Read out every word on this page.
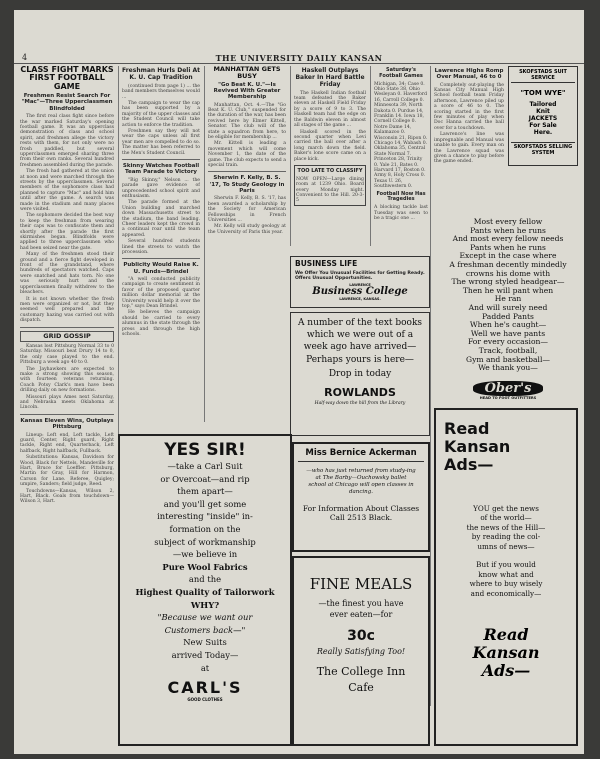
4	THE UNIVERSITY DAILY KANSAN
CLASS FIGHT MARKS FIRST FOOTBALL GAME
Freshmen Resist Search For "Mac"—Three Upperclassmen Blindfolded

The first real class fight since before the war marked Saturday's opening football game. It was an upperclass demonstration of class and school spirit, and freshmen allege the victory rests with them, for not only were no frosh paddled, but several upperclassmen emerged sharing three from their own ranks. Several hundred freshmen assembled during the parade.

The frosh had gathered at the union at noon and were marched through the streets by the upperclassmen. Several members of the sophomore class had planned to capture "Mac" and hold him until after the game. A search was made in the stadium and many places were visited.

The sophomore decided the best way to keep the freshman from wearing their caps was to confiscate them and shortly after the parade the first skirmishes began. Blindfolds were applied to three upperclassmen who had been seized near the gate.

Many of the freshmen stood their ground and a fierce fight developed in front of the grandstand, where hundreds of spectators watched. Caps were snatched and hats torn. No one was seriously hurt and the upperclassmen finally withdrew to the bleachers.

It is not known whether the fresh men were organized or not, but they seemed well prepared and the customary hazing was carried out with dispatch.

GRID GOSSIP

Kansas lost Pittsburg Normal 33 to 0 Saturday. Missouri beat Drury 14 to 0, the only case played to the end. Pittsburg a week ago 40 to 0.

The Jayhawkers are expected to make a strong showing this season, with fourteen veterans returning. Coach Potsy Clark's men have been drilling daily on new formations.

Missouri plays Ames next Saturday, and Nebraska meets Oklahoma at Lincoln.

Kansas Eleven Wins, Outplays Pittsburg

Lineup: Left end, Left tackle, Left guard, Center, Right guard, Right tackle, Right end, Quarterback, Left halfback, Right halfback, Fullback.

Substitutions: Kansas, Davidson for Wood, Black for Nettels, Mandeville for Hart, Bruce for Loeffler. Pittsburg, Martin for Gray, Hill for Harmon, Carson for Lane. Referee, Quigley; umpire, Sanders; field judge, Reed.

Touchdowns—Kansas, Wilson 2, Hart, Black. Goals from touchdown—Wilson 3, Hart.

Freshman Hurls Deli At K. U. Cap Tradition

(continued from page 1) ... the band members themselves would ...

The campaign to wear the cap has been supported by a majority of the upper classes and the Student Council will take action to enforce the tradition.

Freshmen say they will not wear the caps unless all first year men are compelled to do so. The matter has been referred to the Men's Student Council.

Skinny Watches Football Team Parade to Victory

"Big Skinny," Nelson ... the parade gave evidence of unprecedented school spirit and enthusiasm.

The parade formed at the Union building and marched down Massachusetts street to the stadium, the band leading. Cheer leaders kept the crowd in a continual roar until the team appeared.

Several hundred students lined the streets to watch the procession.

Publicity Would Raise K. U. Funds—Brindel

"A well conducted publicity campaign to create sentiment in favor of the proposed quarter million dollar memorial at the University would help it over the top," says Dean Brindel.

He believes the campaign should be carried to every alumnus in the state through the press and through the high schools.

MANHATTAN GETS BUSY
"Go Beat K. U."—Is Revived With Greater Membership

Manhattan, Oct. 4.—The "Go Beat K. U. Club," suspended for the duration of the war, has been revived here by Elmer Kittell, Senator. The club will of the state a squadron from here, to be eligible for membership ...

Mr. Kittell is leading a movement which will come November 1, the date of the game. The club expects to send a special train.

Sherwin F. Kelly, B. S. '17, To Study Geology in Paris

Sherwin F. Kelly, B. S. '17, has been awarded a scholarship by the Society for American Fellowships in French Universities ...

Mr. Kelly will study geology at the University of Paris this year.

Haskell Outplays Baker In Hard Battle Friday

The Haskell Indian football team defeated the Baker eleven at Haskell Field Friday by a score of 9 to 3. The Haskell team had the edge on the Baldwin eleven in almost all stages of the game ...

Haskell scored in the second quarter when Levi carried the ball over after a long march down the field. Baker's lone score came on a place kick.

TOO LATE TO CLASSIFY
NOW OPEN—Large dining room at 1239 Ohio. Board every Monday night. Convenient to the Hill. 20-3-5
Saturday's Football Games
Michigan, 34; Case 0. Ohio State 38, Ohio Wesleyan 0. Haverford 16, Carroll College 0. Minnesota 39, North Dakota 0. Purdue 14, Franklin 14. Iowa 18, Cornell College 0. Notre Dame 14, Kalamazoo 0. Wisconsin 21, Ripon 0. Chicago 14, Wabash 0. Oklahoma 35, Central State Normal 7. Princeton 28, Trinity 0. Yale 21, Bates 0. Harvard 17, Boston 0. Army 8, Holy Cross 0. Texas U. 26, Southwestern 0.
Football Now Has Tragedies
A blocking tackle last Tuesday was seen to be a tragic one ...
Lawrence Highs Romp Over Manual, 46 to 0

Completely out-playing the Kansas City Manual High School football team Friday afternoon, Lawrence piled up a score of 46 to 0. The scoring started in the first few minutes of play when Doc Hanna carried the ball over for a touchdown.

Lawrence's line was impregnable and Manual was unable to gain. Every man on the Lawrence squad was given a chance to play before the game ended.

SKOFSTADS SUIT SERVICE
"TOM WYE"
Tailored
Knit
JACKETS
For Sale
Here.
SKOFSTADS SELLING SYSTEM
BUSINESS LIFE
We Offer You Unusual Facilities for Getting Ready.
Offers Unusual Opportunities.
LAWRENCE
Business College
LAWRENCE, KANSAS.
A number of the text books
which we were out of a
week ago have arrived—
Perhaps yours is here—
Drop in today
ROWLANDS
Half-way down the hill from the Library
Most every fellow
Pants when he runs
And most every fellow needs
Pants when he runs
Except in the case where
A freshman decently mindedly
crowns his dome with
The wrong styled headgear—
Then he will pant when
He ran
And will surely need
Padded Pants
When he's caught—
Well we have pants
For every occasion—
Track, football,
Gym and basketball—
We thank you—
Ober's
HEAD TO FOOT OUTFITTERS
YES SIR!
—take a Carl Suit
or Overcoat—and rip
them apart—
and you'll get some
interesting "inside" in-
formation on the
subject of workmanship
—we believe in
Pure Wool Fabrics
and the
Highest Quality of Tailorwork
WHY?
"Because we want our
Customers back—"
New Suits
arrived Today—
at
CARL'S
GOOD CLOTHES
Miss Bernice Ackerman
—who has just returned from study-ing at The Barby—Ouchowsky ballet school at Chicago will open classes in dancing.
For Information About Classes Call 2513 Black.
FINE MEALS
—the finest you have
ever eaten—for
30c
Really Satisfying Too!
The College Inn
Cafe
Read
Kansan
Ads—
YOU get the news
of the world—
the news of the Hill—
by reading the col-
umns of news—

But if you would
know what and
where to buy wisely
and economically—
Read
Kansan
Ads—
